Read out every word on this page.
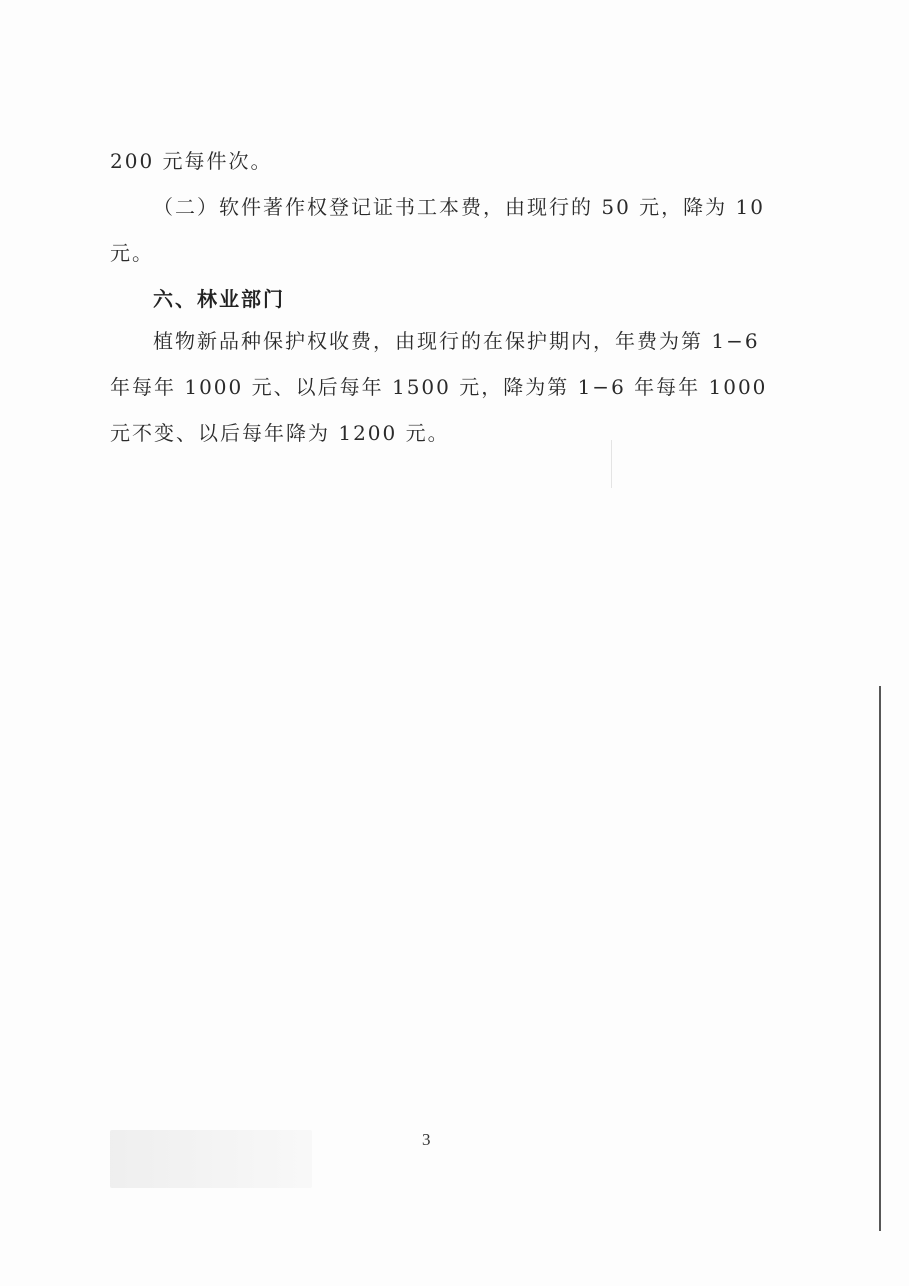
200 元每件次。

（二）软件著作权登记证书工本费，由现行的 50 元，降为 10 元。

六、林业部门

植物新品种保护权收费，由现行的在保护期内，年费为第 1−6 年每年 1000 元、以后每年 1500 元，降为第 1−6 年每年 1000 元不变、以后每年降为 1200 元。

3
